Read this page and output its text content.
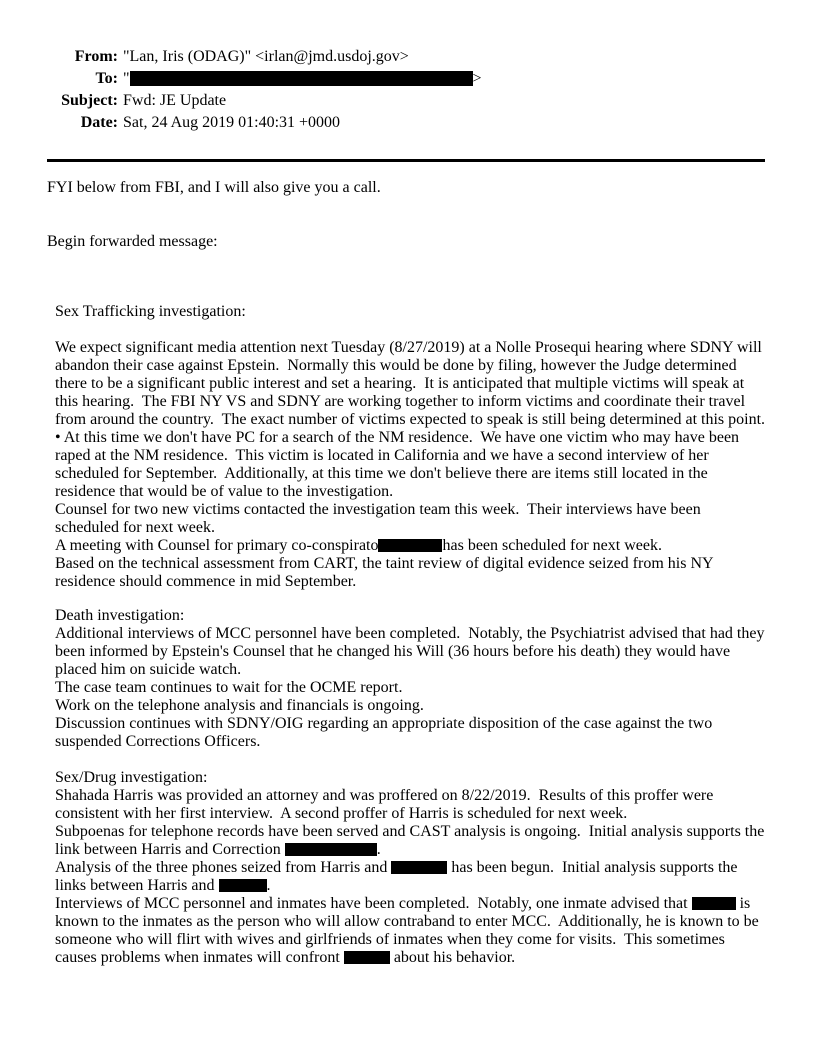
From: "Lan, Iris (ODAG)" <irlan@jmd.usdoj.gov>
To: "	>
Subject: Fwd: JE Update
Date: Sat, 24 Aug 2019 01:40:31 +0000

FYI below from FBI, and I will also give you a call.

Begin forwarded message:

Sex Trafficking investigation:

We expect significant media attention next Tuesday (8/27/2019) at a Nolle Prosequi hearing where SDNY will abandon their case against Epstein.  Normally this would be done by filing, however the Judge determined there to be a significant public interest and set a hearing.  It is anticipated that multiple victims will speak at this hearing.  The FBI NY VS and SDNY are working together to inform victims and coordinate their travel from around the country.  The exact number of victims expected to speak is still being determined at this point.

• At this time we don't have PC for a search of the NM residence.  We have one victim who may have been raped at the NM residence.  This victim is located in California and we have a second interview of her scheduled for September.  Additionally, at this time we don't believe there are items still located in the residence that would be of value to the investigation.

Counsel for two new victims contacted the investigation team this week.  Their interviews have been scheduled for next week.

A meeting with Counsel for primary co-conspirato	has been scheduled for next week.

Based on the technical assessment from CART, the taint review of digital evidence seized from his NY residence should commence in mid September.

Death investigation:

Additional interviews of MCC personnel have been completed.  Notably, the Psychiatrist advised that had they been informed by Epstein's Counsel that he changed his Will (36 hours before his death) they would have placed him on suicide watch.

The case team continues to wait for the OCME report.

Work on the telephone analysis and financials is ongoing.

Discussion continues with SDNY/OIG regarding an appropriate disposition of the case against the two suspended Corrections Officers.

Sex/Drug investigation:

Shahada Harris was provided an attorney and was proffered on 8/22/2019.  Results of this proffer were consistent with her first interview.  A second proffer of Harris is scheduled for next week.

Subpoenas for telephone records have been served and CAST analysis is ongoing.  Initial analysis supports the link between Harris and Correction	.

Analysis of the three phones seized from Harris and	has been begun.  Initial analysis supports the links between Harris and	.

Interviews of MCC personnel and inmates have been completed.  Notably, one inmate advised that	is known to the inmates as the person who will allow contraband to enter MCC.  Additionally, he is known to be someone who will flirt with wives and girlfriends of inmates when they come for visits.  This sometimes causes problems when inmates will confront	about his behavior.
